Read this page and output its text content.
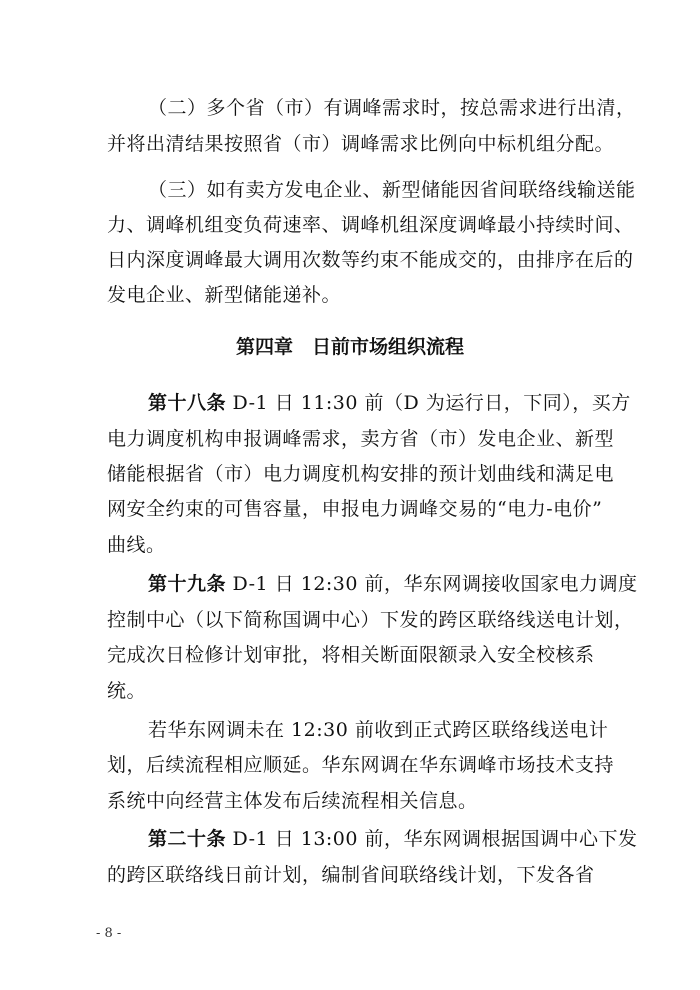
（二）多个省（市）有调峰需求时，按总需求进行出清，
并将出清结果按照省（市）调峰需求比例向中标机组分配。
（三）如有卖方发电企业、新型储能因省间联络线输送能
力、调峰机组变负荷速率、调峰机组深度调峰最小持续时间、
日内深度调峰最大调用次数等约束不能成交的，由排序在后的
发电企业、新型储能递补。
第四章　日前市场组织流程
第十八条 D-1 日 11:30 前（D 为运行日，下同），买方
电力调度机构申报调峰需求，卖方省（市）发电企业、新型
储能根据省（市）电力调度机构安排的预计划曲线和满足电
网安全约束的可售容量，申报电力调峰交易的“电力-电价”
曲线。
第十九条 D-1 日 12:30 前，华东网调接收国家电力调度
控制中心（以下简称国调中心）下发的跨区联络线送电计划，
完成次日检修计划审批，将相关断面限额录入安全校核系
统。
若华东网调未在 12:30 前收到正式跨区联络线送电计
划，后续流程相应顺延。华东网调在华东调峰市场技术支持
系统中向经营主体发布后续流程相关信息。
第二十条 D-1 日 13:00 前，华东网调根据国调中心下发
的跨区联络线日前计划，编制省间联络线计划，下发各省
- 8 -
